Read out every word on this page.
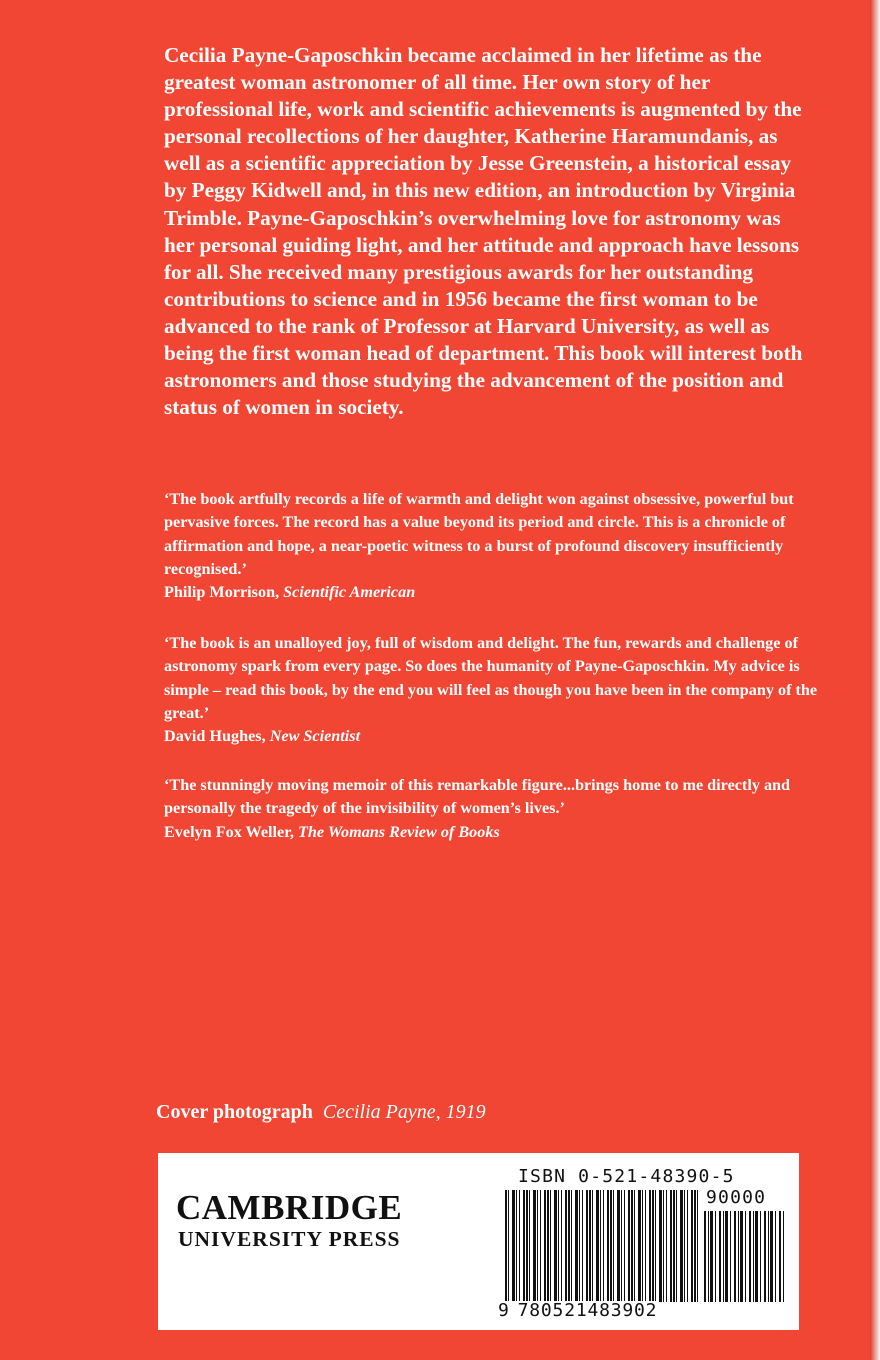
Cecilia Payne-Gaposchkin became acclaimed in her lifetime as the greatest woman astronomer of all time. Her own story of her professional life, work and scientific achievements is augmented by the personal recollections of her daughter, Katherine Haramundanis, as well as a scientific appreciation by Jesse Greenstein, a historical essay by Peggy Kidwell and, in this new edition, an introduction by Virginia Trimble. Payne-Gaposchkin’s overwhelming love for astronomy was her personal guiding light, and her attitude and approach have lessons for all. She received many prestigious awards for her outstanding contributions to science and in 1956 became the first woman to be advanced to the rank of Professor at Harvard University, as well as being the first woman head of department. This book will interest both astronomers and those studying the advancement of the position and status of women in society.

‘The book artfully records a life of warmth and delight won against obsessive, powerful but pervasive forces. The record has a value beyond its period and circle. This is a chronicle of affirmation and hope, a near-poetic witness to a burst of profound discovery insufficiently recognised.’
Philip Morrison, Scientific American

‘The book is an unalloyed joy, full of wisdom and delight. The fun, rewards and challenge of astronomy spark from every page. So does the humanity of Payne-Gaposchkin. My advice is simple – read this book, by the end you will feel as though you have been in the company of the great.’
David Hughes, New Scientist

‘The stunningly moving memoir of this remarkable figure...brings home to me directly and personally the tragedy of the invisibility of women’s lives.’
Evelyn Fox Weller, The Womans Review of Books

Cover photograph Cecilia Payne, 1919
CAMBRIDGE
UNIVERSITY PRESS
ISBN 0-521-48390-5
90000
9 780521483902
